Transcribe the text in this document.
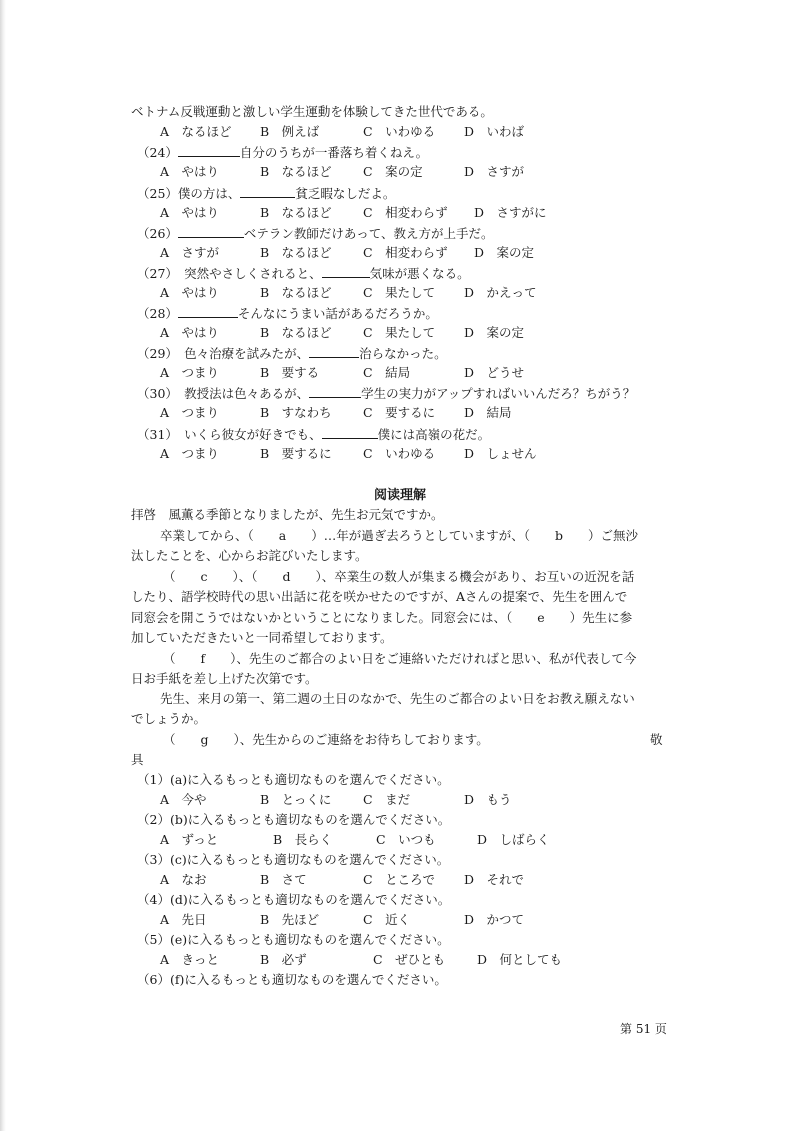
ベトナム反戦運動と激しい学生運動を体験してきた世代である。
A　なるほど B　例えば	C　いわゆる D　いわば
（24）	自分のうちが一番落ち着くねえ。
A　やはり	B　なるほど	C　案の定	D　さすが
（25）僕の方は、	貧乏暇なしだよ。
A　やはり	B　なるほど	C　相変わらず D　さすがに
（26）	ベテラン教師だけあって、教え方が上手だ。
A　さすが	B　なるほど	C　相変わらず D　案の定
（27）　突然やさしくされると、	気味が悪くなる。
A　やはり	B　なるほど	C　果たして D　かえって
（28）	そんなにうまい話があるだろうか。
A　やはり	B　なるほど	C　果たして D　案の定
（29）　色々治療を試みたが、	治らなかった。
A　つまり	B　要する	C　結局	D　どうせ
（30）　教授法は色々あるが、	学生の実力がアップすればいいんだろ？ちがう？
A　つまり	B　すなわち	C　要するに D　結局
（31）　いくら彼女が好きでも、	僕には高嶺の花だ。
A　つまり	B　要するに	C　いわゆる D　しょせん
阅读理解
拝啓　風薫る季節となりましたが、先生お元気ですか。
卒業してから、（　　a　　）…年が過ぎ去ろうとしていますが、（　　b　　）ご無沙
汰したことを、心からお詫びいたします。
（　　c　　）、（　　d　　）、卒業生の数人が集まる機会があり、お互いの近況を話
したり、語学校時代の思い出話に花を咲かせたのですが、Aさんの提案で、先生を囲んで
同窓会を開こうではないかということになりました。同窓会には、（　　e　　）先生に参
加していただきたいと一同希望しております。
（　　f　　）、先生のご都合のよい日をご連絡いただければと思い、私が代表して今
日お手紙を差し上げた次第です。
先生、来月の第一、第二週の土日のなかで、先生のご都合のよい日をお教え願えない
でしょうか。
（　　g　　）、先生からのご連絡をお待ちしております。	敬
具
（1）(a)に入るもっとも適切なものを選んでください。
A　今や	B　とっくに	C　まだ	D　もう
（2）(b)に入るもっとも適切なものを選んでください。
A　ずっと	B　長らく	C　いつも	D　しばらく
（3）(c)に入るもっとも適切なものを選んでください。
A　なお	B　さて	C　ところで D　それで
（4）(d)に入るもっとも適切なものを選んでください。
A　先日	B　先ほど	C　近く	D　かつて
（5）(e)に入るもっとも適切なものを選んでください。
A　きっと	B　必ず	C　ぜひとも	D　何としても
（6）(f)に入るもっとも適切なものを選んでください。
第 51 页
